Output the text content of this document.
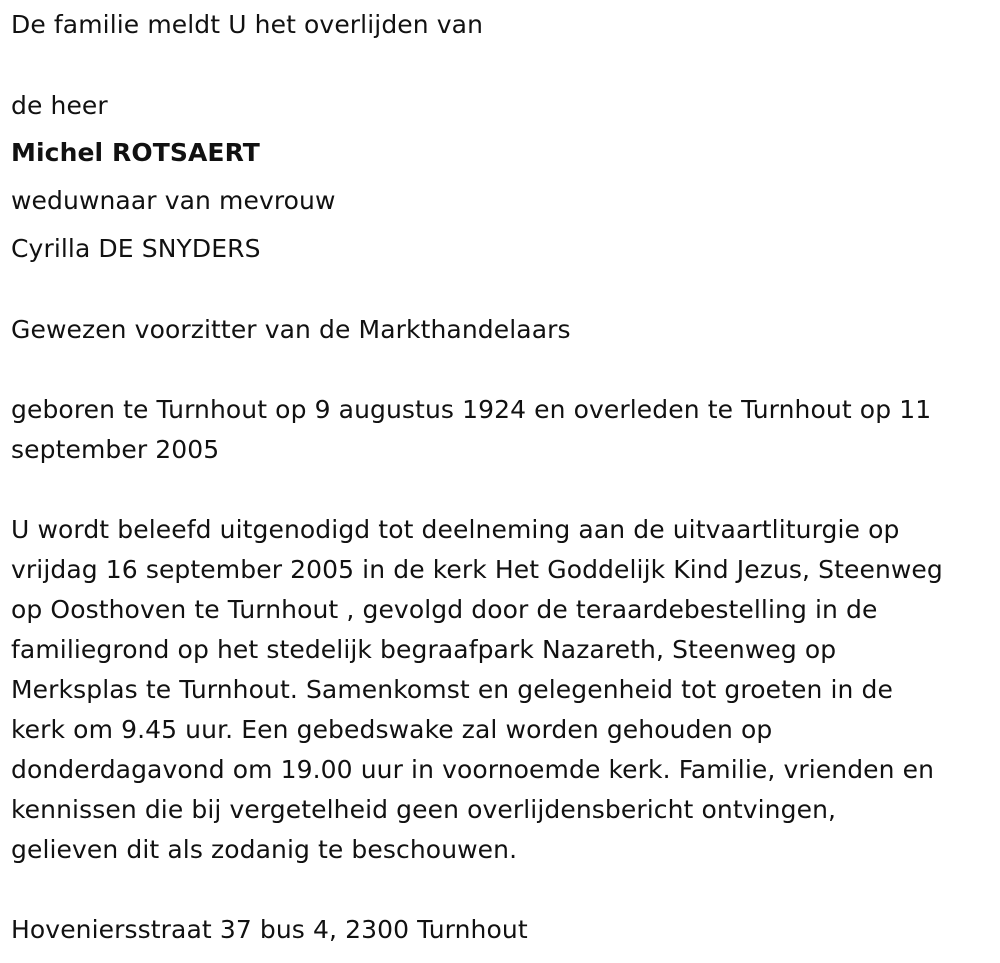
De familie meldt U het overlijden van
de heer
Michel ROTSAERT
weduwnaar van mevrouw
Cyrilla DE SNYDERS
Gewezen voorzitter van de Markthandelaars
geboren te Turnhout op 9 augustus 1924 en overleden te Turnhout op 11
september 2005
U wordt beleefd uitgenodigd tot deelneming aan de uitvaartliturgie op
vrijdag 16 september 2005 in de kerk Het Goddelijk Kind Jezus, Steenweg
op Oosthoven te Turnhout , gevolgd door de teraardebestelling in de
familiegrond op het stedelijk begraafpark Nazareth, Steenweg op
Merksplas te Turnhout. Samenkomst en gelegenheid tot groeten in de
kerk om 9.45 uur. Een gebedswake zal worden gehouden op
donderdagavond om 19.00 uur in voornoemde kerk. Familie, vrienden en
kennissen die bij vergetelheid geen overlijdensbericht ontvingen,
gelieven dit als zodanig te beschouwen.
Hoveniersstraat 37 bus 4, 2300 Turnhout
